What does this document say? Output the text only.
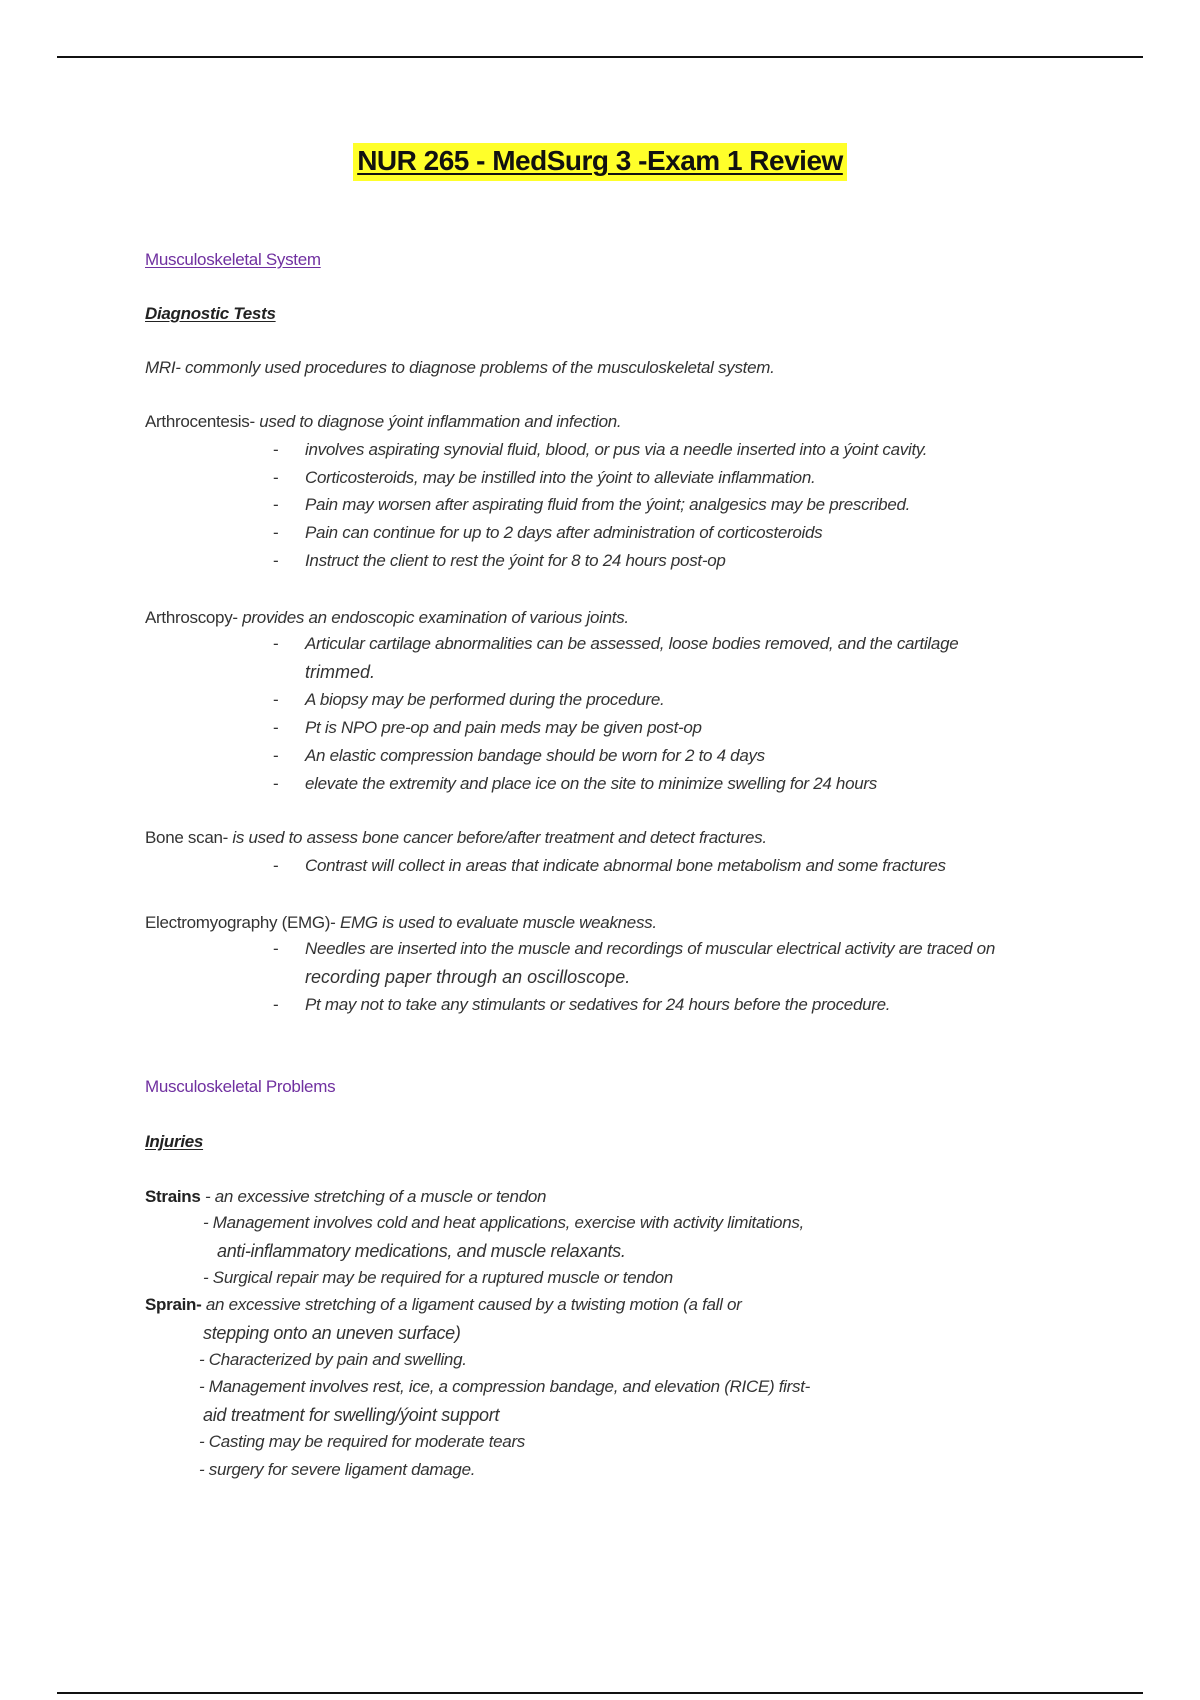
NUR 265 - MedSurg 3 -Exam 1 Review
Musculoskeletal System
Diagnostic Tests
MRI- commonly used procedures to diagnose problems of the musculoskeletal system.
Arthrocentesis- used to diagnose ýoint inflammation and infection.
- involves aspirating synovial fluid, blood, or pus via a needle inserted into a ýoint cavity.
- Corticosteroids, may be instilled into the ýoint to alleviate inflammation.
- Pain may worsen after aspirating fluid from the ýoint; analgesics may be prescribed.
- Pain can continue for up to 2 days after administration of corticosteroids
- Instruct the client to rest the ýoint for 8 to 24 hours post-op
Arthroscopy- provides an endoscopic examination of various joints.
- Articular cartilage abnormalities can be assessed, loose bodies removed, and the cartilage
trimmed.
- A biopsy may be performed during the procedure.
- Pt is NPO pre-op and pain meds may be given post-op
- An elastic compression bandage should be worn for 2 to 4 days
- elevate the extremity and place ice on the site to minimize swelling for 24 hours
Bone scan- is used to assess bone cancer before/after treatment and detect fractures.
- Contrast will collect in areas that indicate abnormal bone metabolism and some fractures
Electromyography (EMG)- EMG is used to evaluate muscle weakness.
- Needles are inserted into the muscle and recordings of muscular electrical activity are traced on
recording paper through an oscilloscope.
- Pt may not to take any stimulants or sedatives for 24 hours before the procedure.
Musculoskeletal Problems
Injuries
Strains - an excessive stretching of a muscle or tendon
- Management involves cold and heat applications, exercise with activity limitations,
anti-inflammatory medications, and muscle relaxants.
- Surgical repair may be required for a ruptured muscle or tendon
Sprain- an excessive stretching of a ligament caused by a twisting motion (a fall or
stepping onto an uneven surface)
- Characterized by pain and swelling.
- Management involves rest, ice, a compression bandage, and elevation (RICE) first-
aid treatment for swelling/ýoint support
- Casting may be required for moderate tears
- surgery for severe ligament damage.
